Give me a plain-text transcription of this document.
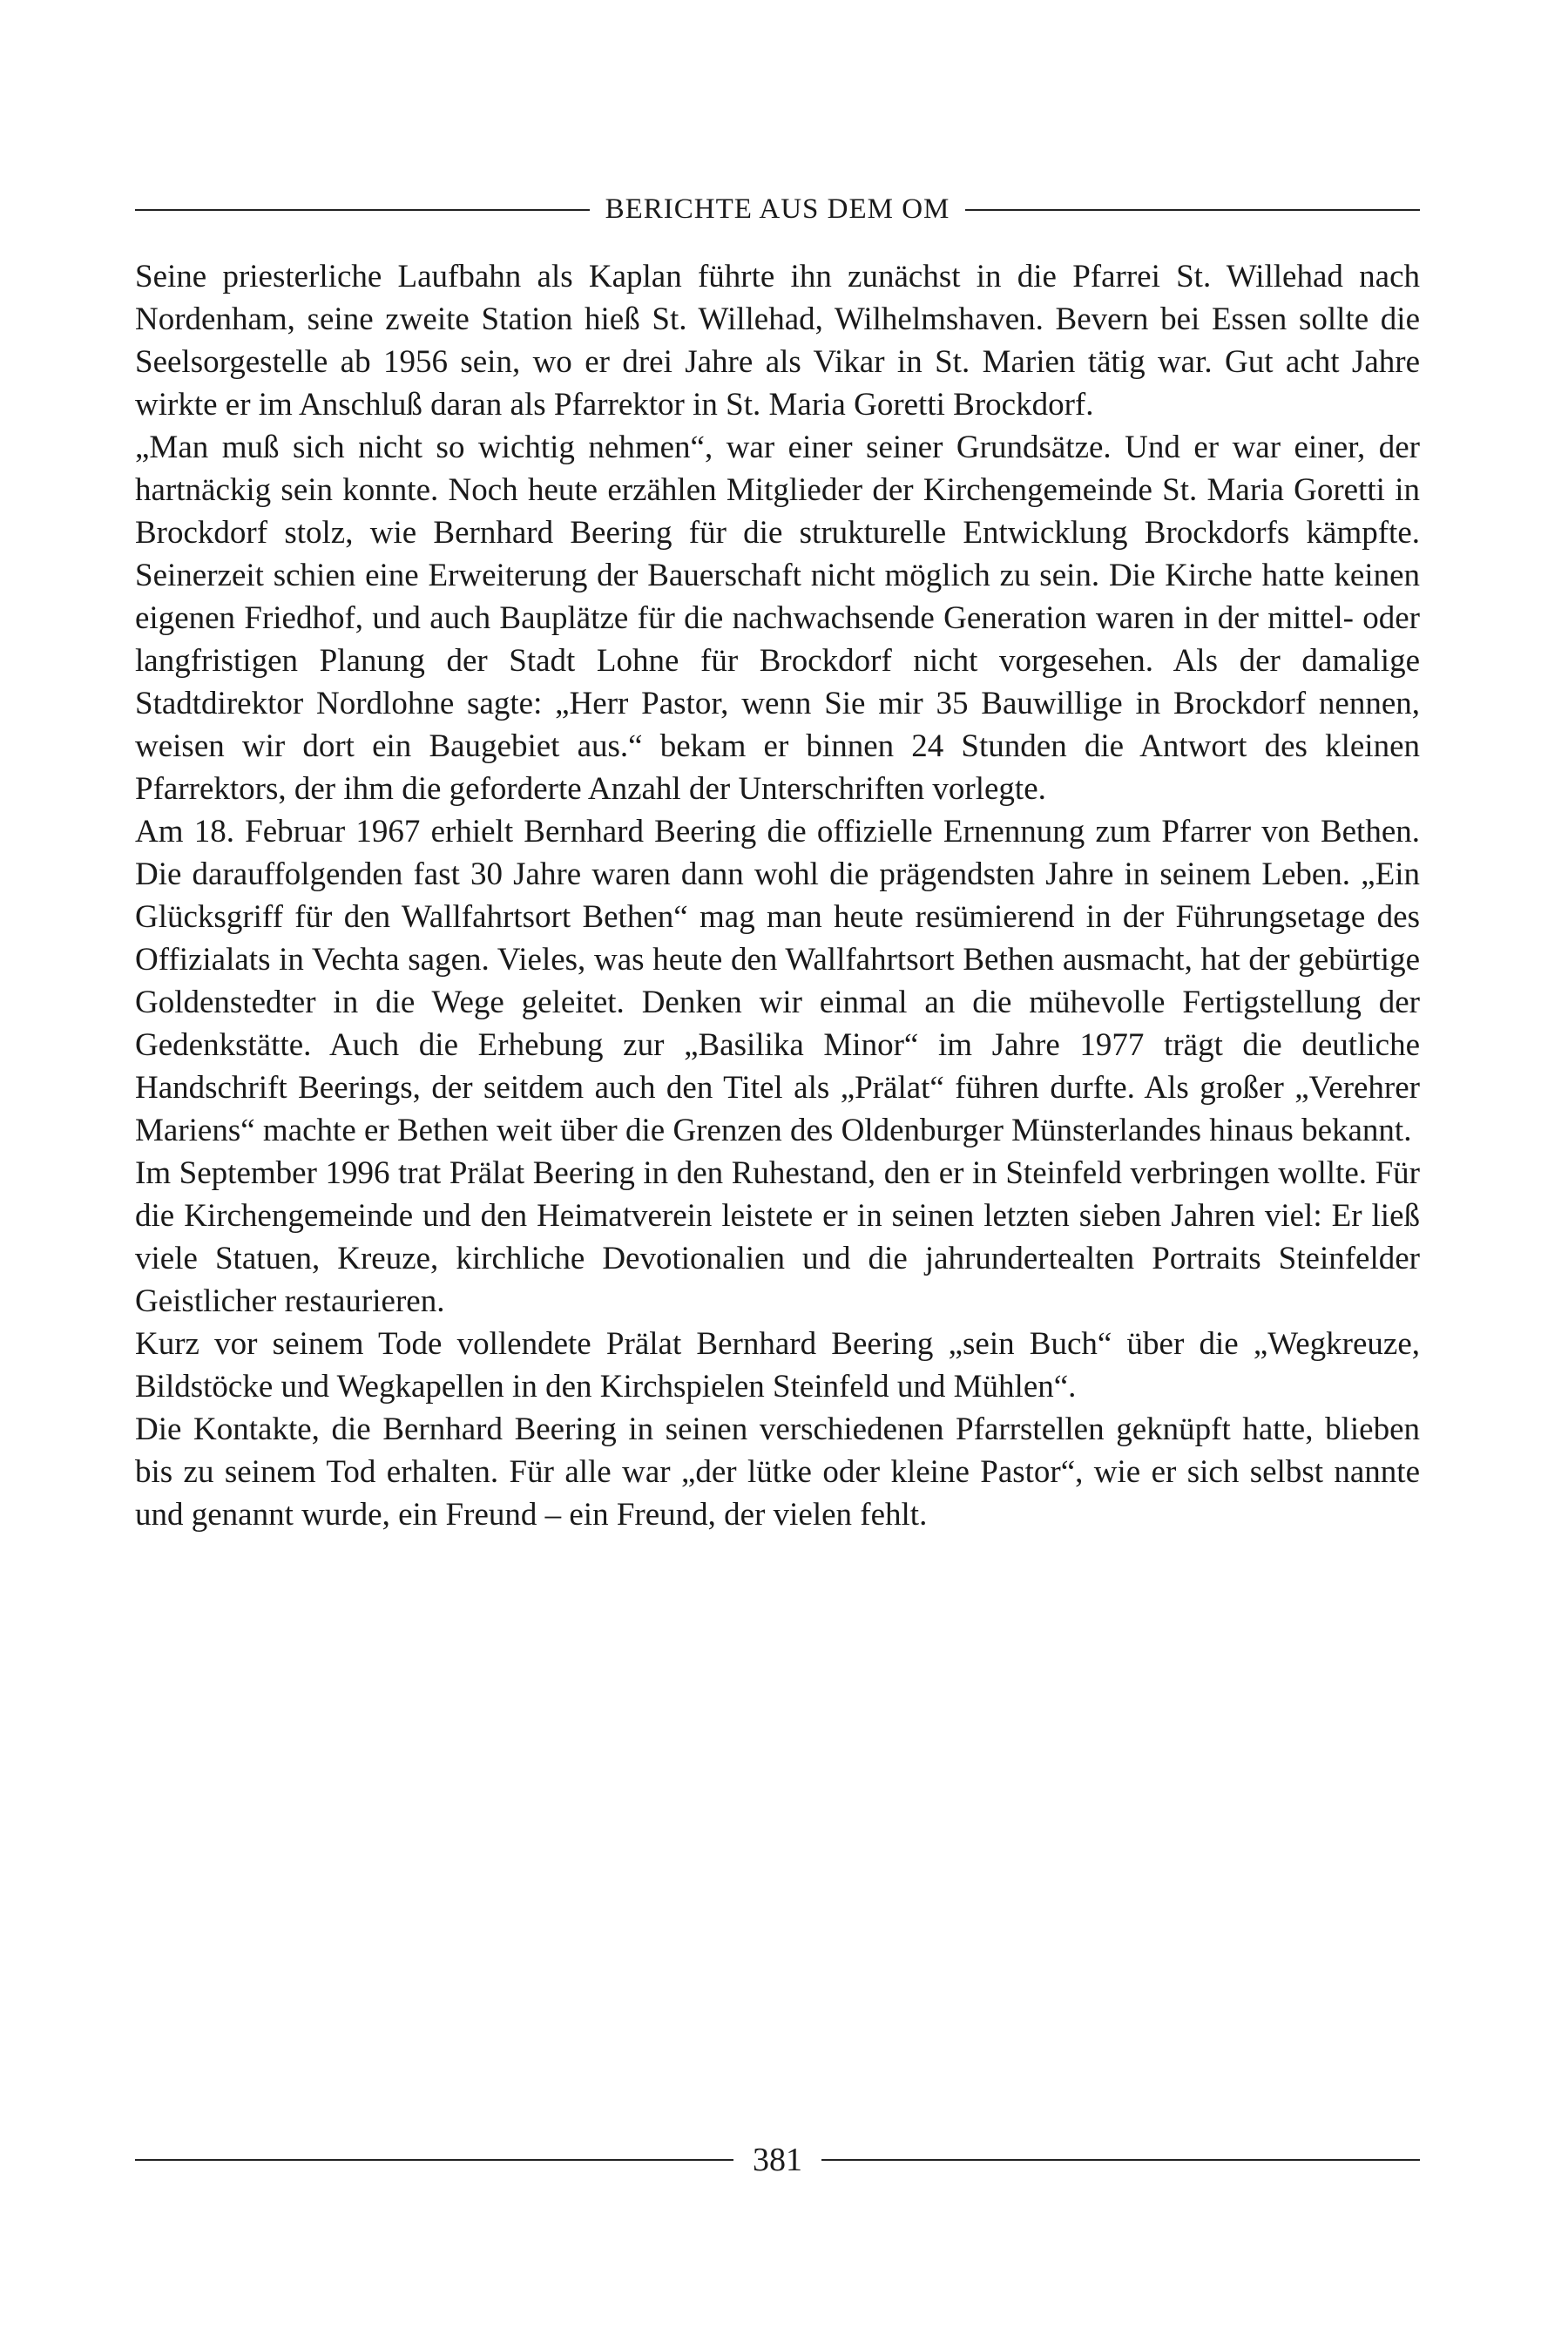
BERICHTE AUS DEM OM

Seine priesterliche Laufbahn als Kaplan führte ihn zunächst in die Pfarrei St. Willehad nach Nordenham, seine zweite Station hieß St. Willehad, Wilhelmshaven. Bevern bei Essen sollte die Seelsorgestelle ab 1956 sein, wo er drei Jahre als Vikar in St. Marien tätig war. Gut acht Jahre wirkte er im Anschluß daran als Pfarrektor in St. Maria Goretti Brockdorf.

„Man muß sich nicht so wichtig nehmen“, war einer seiner Grundsätze. Und er war einer, der hartnäckig sein konnte. Noch heute erzählen Mitglieder der Kirchengemeinde St. Maria Goretti in Brockdorf stolz, wie Bernhard Beering für die strukturelle Entwicklung Brockdorfs kämpfte. Seinerzeit schien eine Erweiterung der Bauerschaft nicht möglich zu sein. Die Kirche hatte keinen eigenen Friedhof, und auch Bauplätze für die nachwachsende Generation waren in der mittel- oder langfristigen Planung der Stadt Lohne für Brockdorf nicht vorgesehen. Als der damalige Stadtdirektor Nordlohne sagte: „Herr Pastor, wenn Sie mir 35 Bauwillige in Brockdorf nennen, weisen wir dort ein Baugebiet aus.“ bekam er binnen 24 Stunden die Antwort des kleinen Pfarrektors, der ihm die geforderte Anzahl der Unterschriften vorlegte.

Am 18. Februar 1967 erhielt Bernhard Beering die offizielle Ernennung zum Pfarrer von Bethen. Die darauffolgenden fast 30 Jahre waren dann wohl die prägendsten Jahre in seinem Leben. „Ein Glücksgriff für den Wallfahrtsort Bethen“ mag man heute resümierend in der Führungsetage des Offizialats in Vechta sagen. Vieles, was heute den Wallfahrtsort Bethen ausmacht, hat der gebürtige Goldenstedter in die Wege geleitet. Denken wir einmal an die mühevolle Fertigstellung der Gedenkstätte. Auch die Erhebung zur „Basilika Minor“ im Jahre 1977 trägt die deutliche Handschrift Beerings, der seitdem auch den Titel als „Prälat“ führen durfte. Als großer „Verehrer Mariens“ machte er Bethen weit über die Grenzen des Oldenburger Münsterlandes hinaus bekannt.

Im September 1996 trat Prälat Beering in den Ruhestand, den er in Steinfeld verbringen wollte. Für die Kirchengemeinde und den Heimatverein leistete er in seinen letzten sieben Jahren viel: Er ließ viele Statuen, Kreuze, kirchliche Devotionalien und die jahrundertealten Portraits Steinfelder Geistlicher restaurieren.

Kurz vor seinem Tode vollendete Prälat Bernhard Beering „sein Buch“ über die „Wegkreuze, Bildstöcke und Wegkapellen in den Kirchspielen Steinfeld und Mühlen“.

Die Kontakte, die Bernhard Beering in seinen verschiedenen Pfarrstellen geknüpft hatte, blieben bis zu seinem Tod erhalten. Für alle war „der lütke oder kleine Pastor“, wie er sich selbst nannte und genannt wurde, ein Freund – ein Freund, der vielen fehlt.

381
